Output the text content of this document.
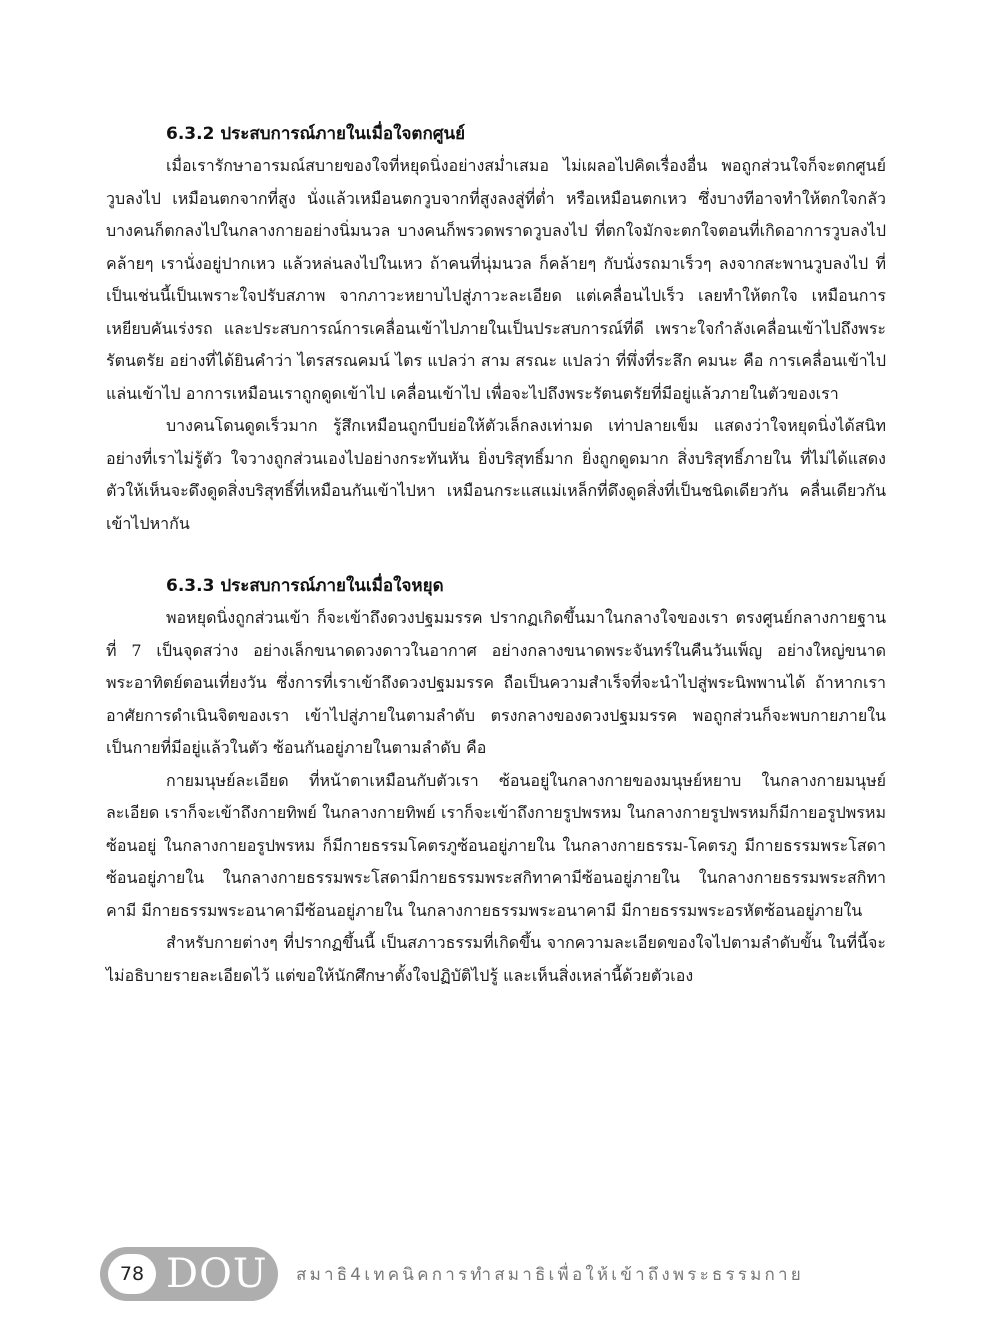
6.3.2 ประสบการณ์ภายในเมื่อใจตกศูนย์

เมื่อเรารักษาอารมณ์สบายของใจที่หยุดนิ่งอย่างสม่ำเสมอ ไม่เผลอไปคิดเรื่องอื่น พอถูกส่วนใจก็จะตกศูนย์วูบลงไป เหมือนตกจากที่สูง นั่งแล้วเหมือนตกวูบจากที่สูงลงสู่ที่ต่ำ หรือเหมือนตกเหว ซึ่งบางทีอาจทำให้ตกใจกลัว บางคนก็ตกลงไปในกลางกายอย่างนิ่มนวล บางคนก็พรวดพราดวูบลงไป ที่ตกใจมักจะตกใจตอนที่เกิดอาการวูบลงไป คล้ายๆ เรานั่งอยู่ปากเหว แล้วหล่นลงไปในเหว ถ้าคนที่นุ่มนวล ก็คล้ายๆ กับนั่งรถมาเร็วๆ ลงจากสะพานวูบลงไป ที่เป็นเช่นนี้เป็นเพราะใจปรับสภาพ จากภาวะหยาบไปสู่ภาวะละเอียด แต่เคลื่อนไปเร็ว เลยทำให้ตกใจ เหมือนการเหยียบคันเร่งรถ และประสบการณ์การเคลื่อนเข้าไปภายในเป็นประสบการณ์ที่ดี เพราะใจกำลังเคลื่อนเข้าไปถึงพระรัตนตรัย อย่างที่ได้ยินคำว่า ไตรสรณคมน์ ไตร แปลว่า สาม สรณะ แปลว่า ที่พึ่งที่ระลึก คมนะ คือ การเคลื่อนเข้าไป แล่นเข้าไป อาการเหมือนเราถูกดูดเข้าไป เคลื่อนเข้าไป เพื่อจะไปถึงพระรัตนตรัยที่มีอยู่แล้วภายในตัวของเรา

บางคนโดนดูดเร็วมาก รู้สึกเหมือนถูกบีบย่อให้ตัวเล็กลงเท่ามด เท่าปลายเข็ม แสดงว่าใจหยุดนิ่งได้สนิทอย่างที่เราไม่รู้ตัว ใจวางถูกส่วนเองไปอย่างกระทันหัน ยิ่งบริสุทธิ์มาก ยิ่งถูกดูดมาก สิ่งบริสุทธิ์ภายใน ที่ไม่ได้แสดงตัวให้เห็นจะดึงดูดสิ่งบริสุทธิ์ที่เหมือนกันเข้าไปหา เหมือนกระแสแม่เหล็กที่ดึงดูดสิ่งที่เป็นชนิดเดียวกัน คลื่นเดียวกันเข้าไปหากัน

6.3.3 ประสบการณ์ภายในเมื่อใจหยุด

พอหยุดนิ่งถูกส่วนเข้า ก็จะเข้าถึงดวงปฐมมรรค ปรากฏเกิดขึ้นมาในกลางใจของเรา ตรงศูนย์กลางกายฐานที่ 7 เป็นจุดสว่าง อย่างเล็กขนาดดวงดาวในอากาศ อย่างกลางขนาดพระจันทร์ในคืนวันเพ็ญ อย่างใหญ่ขนาดพระอาทิตย์ตอนเที่ยงวัน ซึ่งการที่เราเข้าถึงดวงปฐมมรรค ถือเป็นความสำเร็จที่จะนำไปสู่พระนิพพานได้ ถ้าหากเราอาศัยการดำเนินจิตของเรา เข้าไปสู่ภายในตามลำดับ ตรงกลางของดวงปฐมมรรค พอถูกส่วนก็จะพบกายภายใน เป็นกายที่มีอยู่แล้วในตัว ซ้อนกันอยู่ภายในตามลำดับ คือ

กายมนุษย์ละเอียด ที่หน้าตาเหมือนกับตัวเรา ซ้อนอยู่ในกลางกายของมนุษย์หยาบ ในกลางกายมนุษย์ละเอียด เราก็จะเข้าถึงกายทิพย์ ในกลางกายทิพย์ เราก็จะเข้าถึงกายรูปพรหม ในกลางกายรูปพรหมก็มีกายอรูปพรหมซ้อนอยู่ ในกลางกายอรูปพรหม ก็มีกายธรรมโคตรภูซ้อนอยู่ภายใน ในกลางกายธรรม-โคตรภู มีกายธรรมพระโสดาซ้อนอยู่ภายใน ในกลางกายธรรมพระโสดามีกายธรรมพระสกิทาคามีซ้อนอยู่ภายใน ในกลางกายธรรมพระสกิทาคามี มีกายธรรมพระอนาคามีซ้อนอยู่ภายใน ในกลางกายธรรมพระอนาคามี มีกายธรรมพระอรหัตซ้อนอยู่ภายใน

สำหรับกายต่างๆ ที่ปรากฏขึ้นนี้ เป็นสภาวธรรมที่เกิดขึ้น จากความละเอียดของใจไปตามลำดับขั้น ในที่นี้จะไม่อธิบายรายละเอียดไว้ แต่ขอให้นักศึกษาตั้งใจปฏิบัติไปรู้ และเห็นสิ่งเหล่านี้ด้วยตัวเอง

78 DOU สมาธิ4เทคนิคการทำสมาธิเพื่อให้เข้าถึงพระธรรมกาย
